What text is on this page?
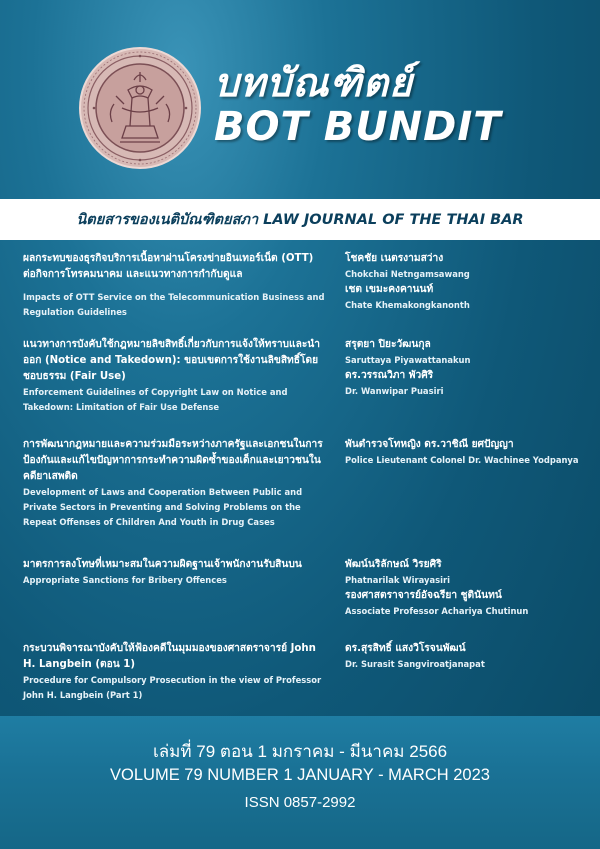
บทบัณฑิตย์
BOT BUNDIT
นิตยสารของเนติบัณฑิตยสภา LAW JOURNAL OF THE THAI BAR
ผลกระทบของธุรกิจบริการเนื้อหาผ่านโครงข่ายอินเทอร์เน็ต (OTT) ต่อกิจการโทรคมนาคม และแนวทางการกำกับดูแล
Impacts of OTT Service on the Telecommunication Business and Regulation Guidelines
โชคชัย เนตรงามสว่าง
Chokchai Netngamsawang
เชต เขมะคงคานนท์
Chate Khemakongkanonth
แนวทางการบังคับใช้กฎหมายลิขสิทธิ์เกี่ยวกับการแจ้งให้ทราบและนำออก (Notice and Takedown): ขอบเขตการใช้งานลิขสิทธิ์โดยชอบธรรม (Fair Use)
Enforcement Guidelines of Copyright Law on Notice and Takedown: Limitation of Fair Use Defense
สรุตยา ปิยะวัฒนกุล
Saruttaya Piyawattanakun
ดร.วรรณวิภา พัวศิริ
Dr. Wanwipar Puasiri
การพัฒนากฎหมายและความร่วมมือระหว่างภาครัฐและเอกชนในการป้องกันและแก้ไขปัญหาการกระทำความผิดซ้ำของเด็กและเยาวชนในคดียาเสพติด
Development of Laws and Cooperation Between Public and Private Sectors in Preventing and Solving Problems on the Repeat Offenses of Children And Youth in Drug Cases
พันตำรวจโทหญิง ดร.วาชิณี ยศปัญญา
Police Lieutenant Colonel Dr. Wachinee Yodpanya
มาตรการลงโทษที่เหมาะสมในความผิดฐานเจ้าพนักงานรับสินบน
Appropriate Sanctions for Bribery Offences
พัฒน์นริลักษณ์ วิรยศิริ
Phatnarilak Wirayasiri
รองศาสตราจารย์อัจฉรียา ชูตินันทน์
Associate Professor Achariya Chutinun
กระบวนพิจารณาบังคับให้ฟ้องคดีในมุมมองของศาสตราจารย์ John H. Langbein (ตอน 1)
Procedure for Compulsory Prosecution in the view of Professor John H. Langbein (Part 1)
ดร.สุรสิทธิ์ แสงวิโรจนพัฒน์
Dr. Surasit Sangviroatjanapat
เล่มที่ 79 ตอน 1 มกราคม - มีนาคม 2566
VOLUME 79 NUMBER 1 JANUARY - MARCH 2023
ISSN 0857-2992
